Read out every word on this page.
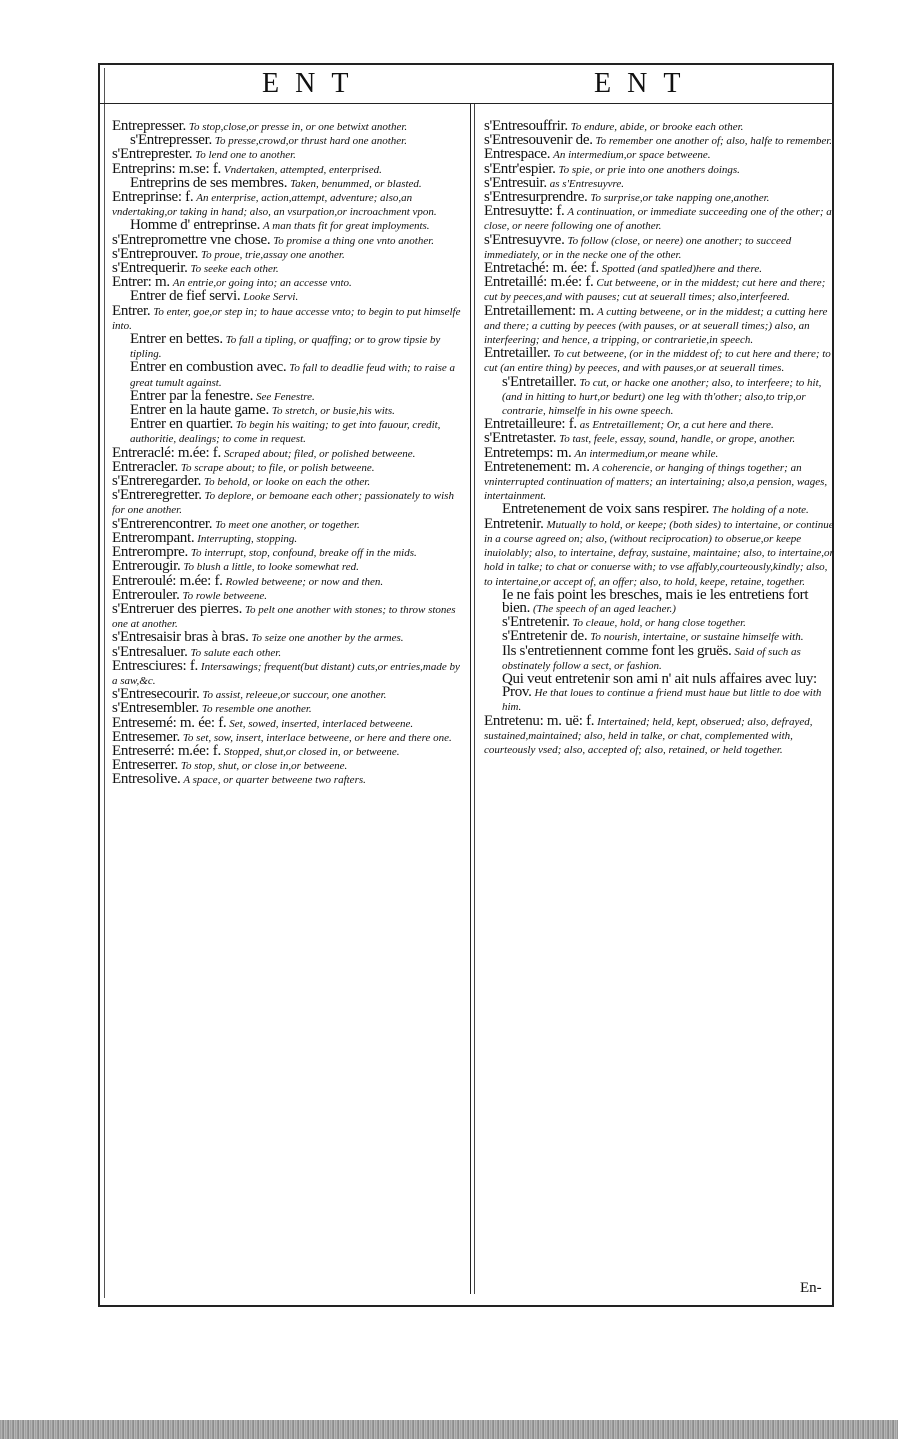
ENT	ENT
Entrepresser. To stop,close,or presse in, or one betwixt another.
s'Entrepresser. To presse,crowd,or thrust hard one another.
s'Entreprester. To lend one to another.
Entreprins: m.se: f. Vndertaken, attempted, enterprised.
Entreprins de ses membres. Taken, benummed, or blasted.
Entreprinse: f. An enterprise, action,attempt, adventure; also,an vndertaking,or taking in hand; also, an vsurpation,or incroachment vpon.
Homme d' entreprinse. A man thats fit for great imployments.
s'Entrepromettre vne chose. To promise a thing one vnto another.
s'Entreprouver. To proue, trie,assay one another.
s'Entrequerir. To seeke each other.
Entrer: m. An entrie,or going into; an accesse vnto.
Entrer de fief servi. Looke Servi.
Entrer. To enter, goe,or step in; to haue accesse vnto; to begin to put himselfe into.
Entrer en bettes. To fall a tipling, or quaffing; or to grow tipsie by tipling.
Entrer en combustion avec. To fall to deadlie feud with; to raise a great tumult against.
Entrer par la fenestre. See Fenestre.
Entrer en la haute game. To stretch, or busie,his wits.
Entrer en quartier. To begin his waiting; to get into fauour, credit, authoritie, dealings; to come in request.
Entreraclé: m.ée: f. Scraped about; filed, or polished betweene.
Entreracler. To scrape about; to file, or polish betweene.
s'Entreregarder. To behold, or looke on each the other.
s'Entreregretter. To deplore, or bemoane each other; passionately to wish for one another.
s'Entrerencontrer. To meet one another, or together.
Entrerompant. Interrupting, stopping.
Entrerompre. To interrupt, stop, confound, breake off in the mids.
Entrerougir. To blush a little, to looke somewhat red.
Entreroulé: m.ée: f. Rowled betweene; or now and then.
Entrerouler. To rowle betweene.
s'Entreruer des pierres. To pelt one another with stones; to throw stones one at another.
s'Entresaisir bras à bras. To seize one another by the armes.
s'Entresaluer. To salute each other.
Entresciures: f. Intersawings; frequent(but distant) cuts,or entries,made by a saw,&c.
s'Entresecourir. To assist, releeue,or succour, one another.
s'Entresembler. To resemble one another.
Entresemé: m. ée: f. Set, sowed, inserted, interlaced betweene.
Entresemer. To set, sow, insert, interlace betweene, or here and there one.
Entreserré: m.ée: f. Stopped, shut,or closed in, or betweene.
Entreserrer. To stop, shut, or close in,or betweene.
Entresolive. A space, or quarter betweene two rafters.
s'Entresouffrir. To endure, abide, or brooke each other.
s'Entresouvenir de. To remember one another of; also, halfe to remember.
Entrespace. An intermedium,or space betweene.
s'Entr'espier. To spie, or prie into one anothers doings.
s'Entresuir. as s'Entresuyvre.
s'Entresurprendre. To surprise,or take napping one,another.
Entresuytte: f. A continuation, or immediate succeeding one of the other; a close, or neere following one of another.
s'Entresuyvre. To follow (close, or neere) one another; to succeed immediately, or in the necke one of the other.
Entretaché: m. ée: f. Spotted (and spatled)here and there.
Entretaillé: m.ée: f. Cut betweene, or in the middest; cut here and there; cut by peeces,and with pauses; cut at seuerall times; also,interfeered.
Entretaillement: m. A cutting betweene, or in the middest; a cutting here and there; a cutting by peeces (with pauses, or at seuerall times;) also, an interfeering; and hence, a tripping, or contrarietie,in speech.
Entretailler. To cut betweene, (or in the middest of; to cut here and there; to cut (an entire thing) by peeces, and with pauses,or at seuerall times.
s'Entretailler. To cut, or hacke one another; also, to interfeere; to hit,(and in hitting to hurt,or bedurt) one leg with th'other; also,to trip,or contrarie, himselfe in his owne speech.
Entretailleure: f. as Entretaillement; Or, a cut here and there.
s'Entretaster. To tast, feele, essay, sound, handle, or grope, another.
Entretemps: m. An intermedium,or meane while.
Entretenement: m. A coherencie, or hanging of things together; an vninterrupted continuation of matters; an intertaining; also,a pension, wages, intertainment.
Entretenement de voix sans respirer. The holding of a note.
Entretenir. Mutually to hold, or keepe; (both sides) to intertaine, or continue in a course agreed on; also, (without reciprocation) to obserue,or keepe inuiolably; also, to intertaine, defray, sustaine, maintaine; also, to intertaine,or hold in talke; to chat or conuerse with; to vse affably,courteously,kindly; also, to intertaine,or accept of, an offer; also, to hold, keepe, retaine, together.
Ie ne fais point les bresches, mais ie les entretiens fort bien. (The speech of an aged leacher.)
s'Entretenir. To cleaue, hold, or hang close together.
s'Entretenir de. To nourish, intertaine, or sustaine himselfe with.
Ils s'entretiennent comme font les gruës. Said of such as obstinately follow a sect, or fashion.
Qui veut entretenir son ami n' ait nuls affaires avec luy: Prov. He that loues to continue a friend must haue but little to doe with him.
Entretenu: m. uë: f. Intertained; held, kept, obserued; also, defrayed, sustained,maintained; also, held in talke, or chat, complemented with, courteously vsed; also, accepted of; also, retained, or held together.
En-
